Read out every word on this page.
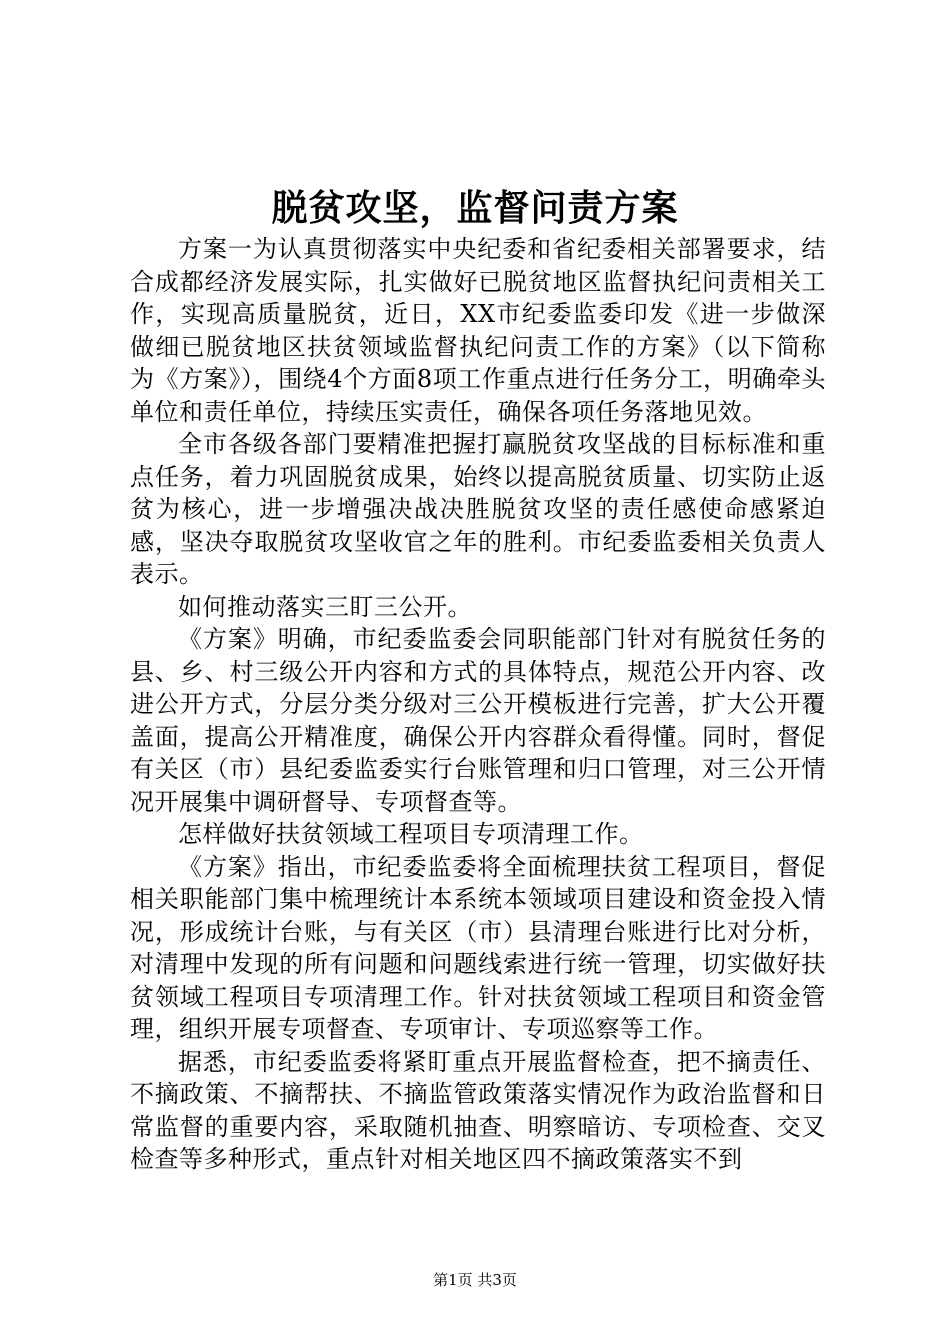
脱贫攻坚，监督问责方案

方案一为认真贯彻落实中央纪委和省纪委相关部署要求，结合成都经济发展实际，扎实做好已脱贫地区监督执纪问责相关工作，实现高质量脱贫，近日，XX市纪委监委印发《进一步做深做细已脱贫地区扶贫领域监督执纪问责工作的方案》（以下简称为《方案》），围绕4个方面8项工作重点进行任务分工，明确牵头单位和责任单位，持续压实责任，确保各项任务落地见效。

全市各级各部门要精准把握打赢脱贫攻坚战的目标标准和重点任务，着力巩固脱贫成果，始终以提高脱贫质量、切实防止返贫为核心，进一步增强决战决胜脱贫攻坚的责任感使命感紧迫感，坚决夺取脱贫攻坚收官之年的胜利。市纪委监委相关负责人表示。

如何推动落实三盯三公开。

《方案》明确，市纪委监委会同职能部门针对有脱贫任务的县、乡、村三级公开内容和方式的具体特点，规范公开内容、改进公开方式，分层分类分级对三公开模板进行完善，扩大公开覆盖面，提高公开精准度，确保公开内容群众看得懂。同时，督促有关区（市）县纪委监委实行台账管理和归口管理，对三公开情况开展集中调研督导、专项督查等。

怎样做好扶贫领域工程项目专项清理工作。

《方案》指出，市纪委监委将全面梳理扶贫工程项目，督促相关职能部门集中梳理统计本系统本领域项目建设和资金投入情况，形成统计台账，与有关区（市）县清理台账进行比对分析，对清理中发现的所有问题和问题线索进行统一管理，切实做好扶贫领域工程项目专项清理工作。针对扶贫领域工程项目和资金管理，组织开展专项督查、专项审计、专项巡察等工作。

据悉，市纪委监委将紧盯重点开展监督检查，把不摘责任、不摘政策、不摘帮扶、不摘监管政策落实情况作为政治监督和日常监督的重要内容，采取随机抽查、明察暗访、专项检查、交叉检查等多种形式，重点针对相关地区四不摘政策落实不到

第1页 共3页
